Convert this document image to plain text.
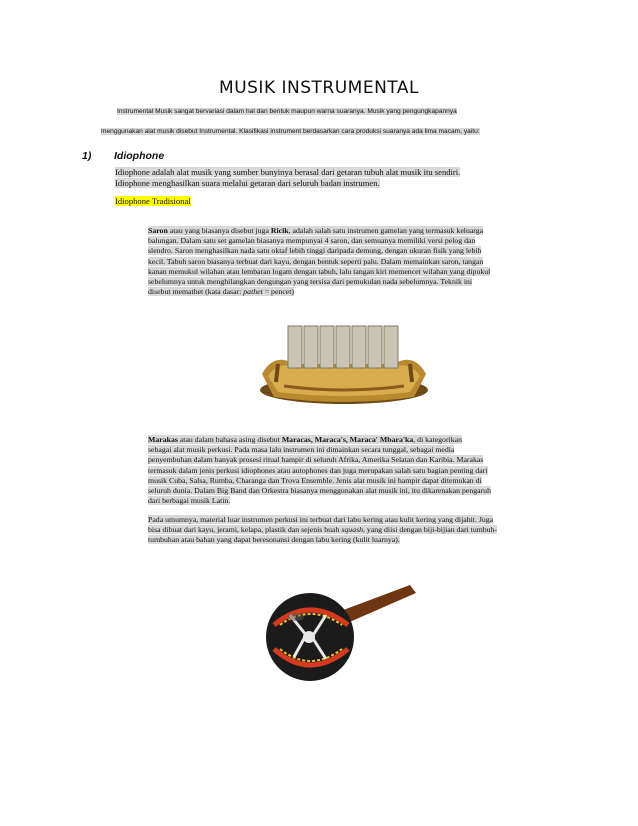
MUSIK INSTRUMENTAL
Instrumental Musik sangat bervariasi dalam hal dan bentuk maupun warna suaranya. Musik yang pengungkapannya
menggunakan alat musik disebut Instrumental. Klasifikasi instrument berdasarkan cara produksi suaranya ada lima macam, yaitu:
1) Idiophone
Idiophone adalah alat musik yang sumber bunyinya berasal dari getaran tubuh alat musik itu sendiri.
Idiophone menghasilkan suara melalui getaran dari seluruh badan instrumen.
Idiophone Tradisional
Saron atau yang biasanya disebut juga Ricik, adalah salah satu instrumen gamelan yang termasuk keluarga
balungan. Dalam satu set gamelan biasanya mempunyai 4 saron, dan semuanya memiliki versi pelog dan
slendro. Saron menghasilkan nada satu oktaf lebih tinggi daripada demung, dengan ukuran fisik yang lebih
kecil. Tabuh saron biasanya terbuat dari kayu, dengan bentuk seperti palu. Dalam memainkan saron, tangan
kanan memukul wilahan atau lembaran logam dengan tabuh, lalu tangan kiri memencet wilahan yang dipukul
sebelumnya untuk menghilangkan dengungan yang tersisa dari pemukulan nada sebelumnya. Teknik ini
disebut memathet (kata dasar: pathet = pencet)
Marakas atau dalam bahasa asing disebut Maracas, Maraca's, Maraca' Mbara'ka, di kategorikan
sebagai alat musik perkusi. Pada masa lalu instrumen ini dimainkan secara tunggal, sebagai media
penyembuhan dalam banyak prosesi ritual hampir di seluruh Afrika, Amerika Selatan dan Karibia. Marakas
termasuk dalam jenis perkusi idiophones atau autophones dan juga merupakan salah satu bagian penting dari
musik Cuba, Salsa, Rumba, Charanga dan Trova Ensemble. Jenis alat musik ini hampir dapat ditemukan di
seluruh dunia. Dalam Big Band dan Orkestra biasanya menggunakan alat musik ini, itu dikarenakan pengaruh
dari berbagai musik Latin.
Pada umumnya, material luar instrumen perkusi ini terbuat dari labu kering atau kulit kering yang dijahit. Juga
bisa dibuat dari kayu, jerami, kelapa, plastik dan sejenis buah squash, yang diisi dengan biji-bijian dari tumbuh-
tumbuhan atau bahan yang dapat beresonansi dengan labu kering (kulit luarnya).
